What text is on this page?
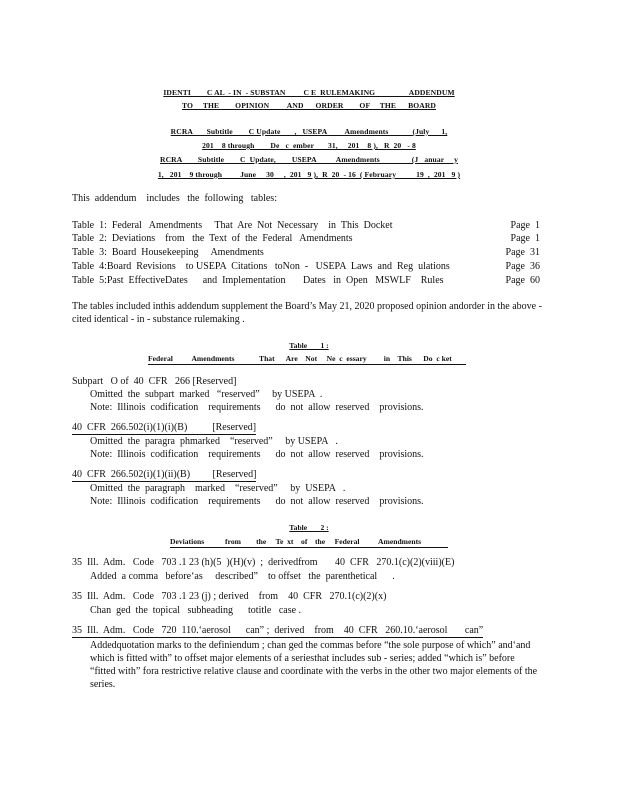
IDENTI        C AL  - IN  - SUBSTAN         C E  RULEMAKING                 ADDENDUM
TO     THE        OPINION         AND      ORDER        OF     THE      BOARD
RCRA       Subtitle        C Update       ,   USEPA         Amendments            (July      1,
201    8 through        De   c  ember       31,     201    8 ),   R  20   - 8
RCRA        Subtitle        C  Update,        USEPA          Amendments                (J   anuar     y
1,   201    9 through         June     30     ,  201   9 ),  R  20  - 16  ( February          19  ,  201   9 )
This  addendum    includes   the  following   tables:
Table  1:  Federal   Amendments     That  Are  Not  Necessary    in  This  Docket	Page  1
Table  2:  Deviations    from   the  Text  of  the  Federal   Amendments	Page  1
Table  3:  Board  Housekeeping     Amendments	Page  31
Table  4:Board  Revisions    to USEPA  Citations   toNon  -   USEPA  Laws  and  Reg  ulations	Page  36
Table  5:Past  EffectiveDates      and  Implementation       Dates   in  Open   MSWLF    Rules	Page  60
The tables included inthis addendum supplement the Board’s May 21, 2020 proposed opinion andorder in the above - cited identical - in - substance rulemaking .
Table       1 :
Federal          Amendments             That      Are    Not     Ne  c  essary         in    This      Do  c ket
Subpart   O of  40  CFR   266 [Reserved]
Omitted  the  subpart  marked   “reserved”     by USEPA  .
Note:  Illinois  codification    requirements      do  not  allow  reserved    provisions.
40  CFR  266.502(i)(1)(i)(B)          [Reserved]
Omitted  the  paragra  phmarked    “reserved”     by USEPA   .
Note:  Illinois  codification    requirements      do  not  allow  reserved    provisions.
40  CFR  266.502(i)(1)(ii)(B)         [Reserved]
Omitted  the  paragraph    marked    “reserved”     by  USEPA   .
Note:  Illinois  codification    requirements      do  not  allow  reserved    provisions.
Table       2 :
Deviations           from        the     Te  xt    of    the     Federal          Amendments
35  Ill.  Adm.   Code   703 .1 23 (h)(5  )(H)(v)  ;  derivedfrom       40  CFR   270.1(c)(2)(viii)(E)
Added  a comma   before‘as     described”    to offset   the  parenthetical      .
35  Ill.  Adm.   Code   703 .1 23 (j) ; derived    from    40  CFR   270.1(c)(2)(x)
Chan  ged  the  topical   subheading      totitle   case .
35  Ill.  Adm.   Code   720  110.‘aerosol      can” ;  derived    from    40  CFR   260.10.‘aerosol       can”
Addedquotation marks to the definiendum ; chan ged the commas before “the sole purpose of which” and‘and which is fitted with” to offset major elements of a seriesthat includes sub - series; added “which is” before “fitted with” fora restrictive relative clause and coordinate with the verbs in the other two major elements of the series.
